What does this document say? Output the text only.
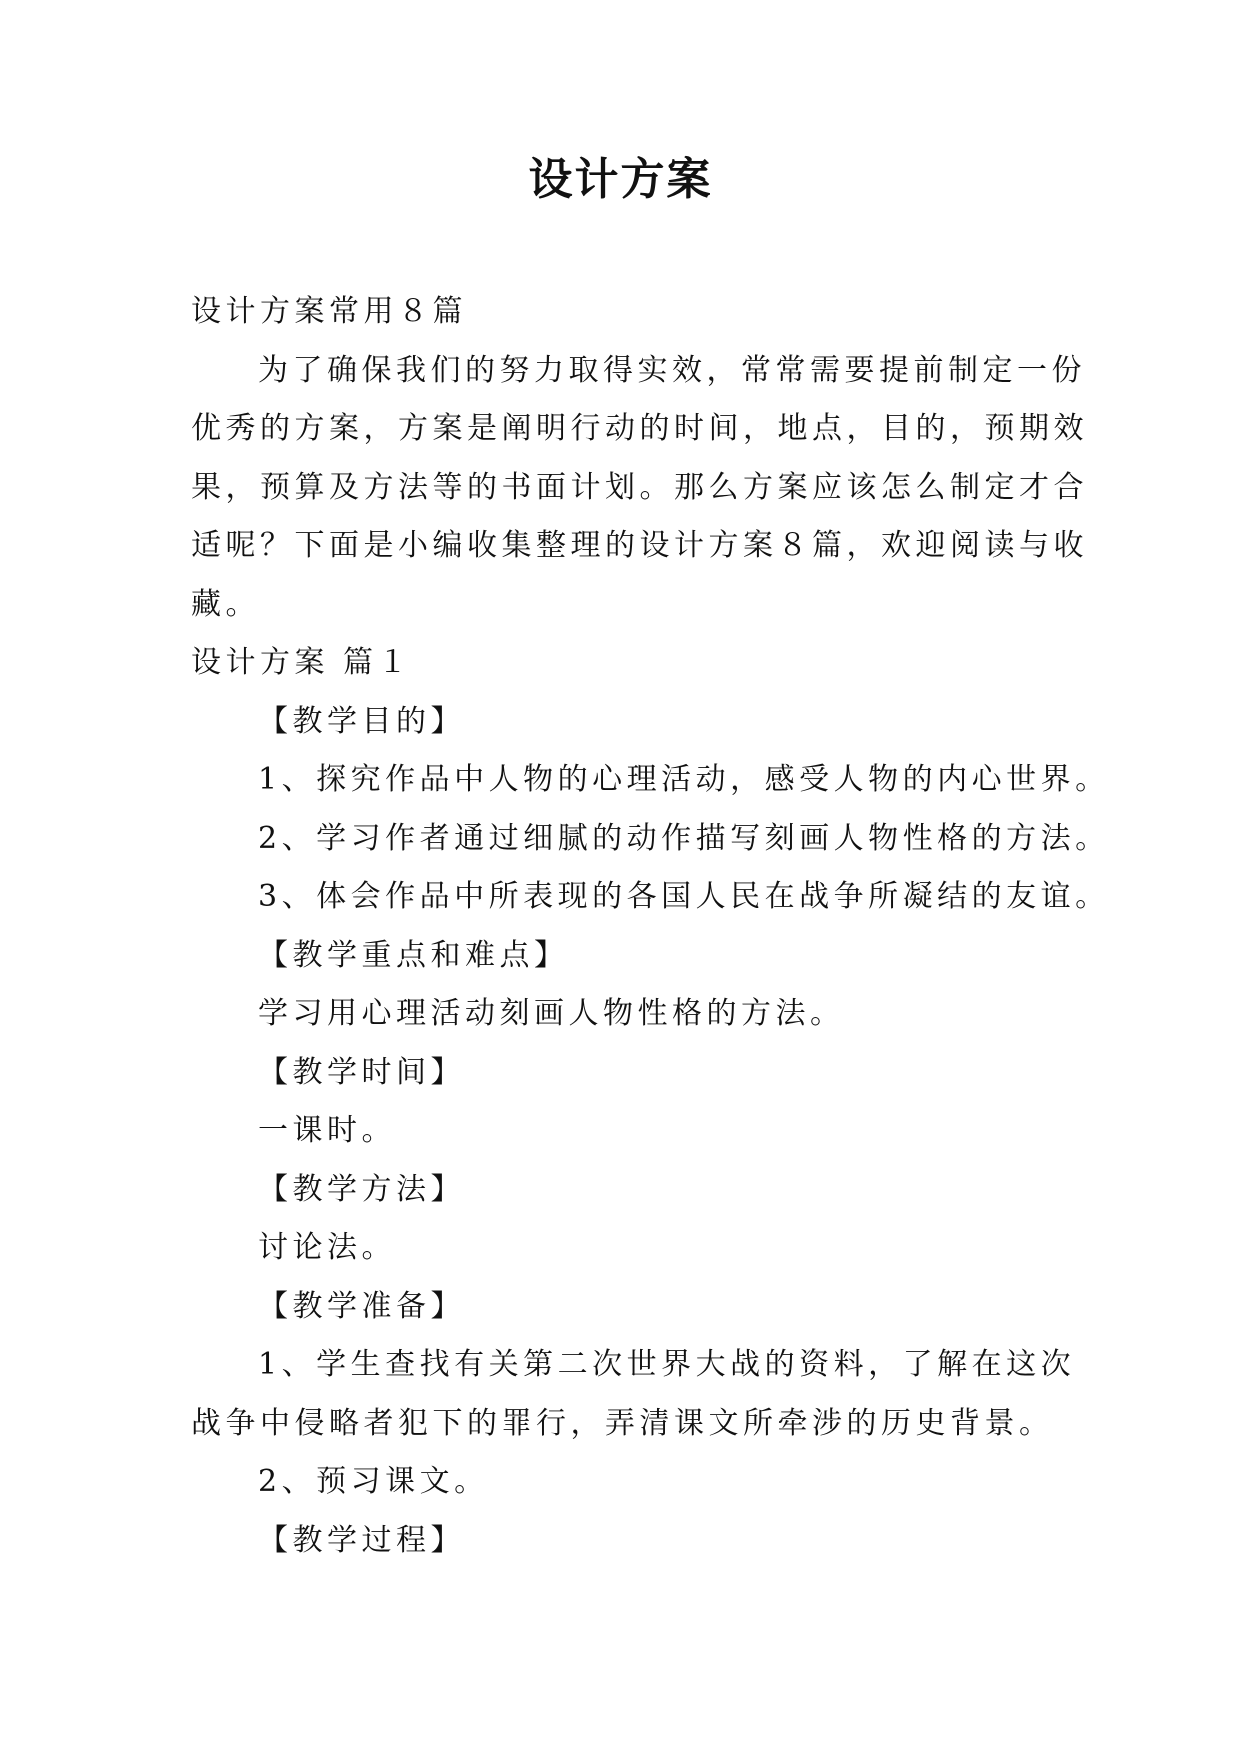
设计方案
设计方案常用８篇
为了确保我们的努力取得实效，常常需要提前制定一份
优秀的方案，方案是阐明行动的时间，地点，目的，预期效
果，预算及方法等的书面计划。那么方案应该怎么制定才合
适呢？下面是小编收集整理的设计方案８篇，欢迎阅读与收
藏。
设计方案 篇１
【教学目的】
1、探究作品中人物的心理活动，感受人物的内心世界。
2、学习作者通过细腻的动作描写刻画人物性格的方法。
3、体会作品中所表现的各国人民在战争所凝结的友谊。
【教学重点和难点】
学习用心理活动刻画人物性格的方法。
【教学时间】
一课时。
【教学方法】
讨论法。
【教学准备】
1、学生查找有关第二次世界大战的资料，了解在这次
战争中侵略者犯下的罪行，弄清课文所牵涉的历史背景。
2、预习课文。
【教学过程】
